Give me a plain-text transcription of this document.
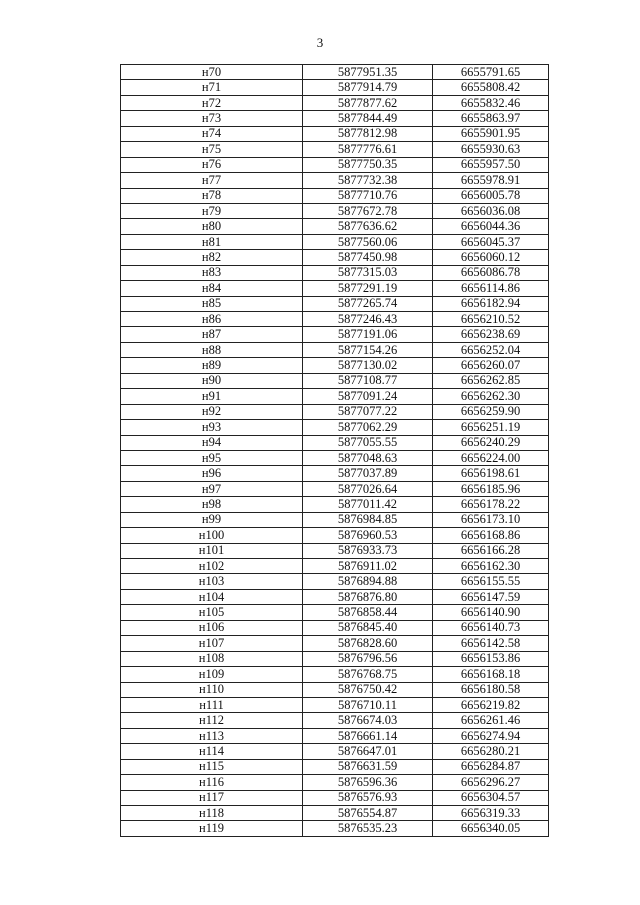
3
н70	5877951.35	6655791.65
н71	5877914.79	6655808.42
н72	5877877.62	6655832.46
н73	5877844.49	6655863.97
н74	5877812.98	6655901.95
н75	5877776.61	6655930.63
н76	5877750.35	6655957.50
н77	5877732.38	6655978.91
н78	5877710.76	6656005.78
н79	5877672.78	6656036.08
н80	5877636.62	6656044.36
н81	5877560.06	6656045.37
н82	5877450.98	6656060.12
н83	5877315.03	6656086.78
н84	5877291.19	6656114.86
н85	5877265.74	6656182.94
н86	5877246.43	6656210.52
н87	5877191.06	6656238.69
н88	5877154.26	6656252.04
н89	5877130.02	6656260.07
н90	5877108.77	6656262.85
н91	5877091.24	6656262.30
н92	5877077.22	6656259.90
н93	5877062.29	6656251.19
н94	5877055.55	6656240.29
н95	5877048.63	6656224.00
н96	5877037.89	6656198.61
н97	5877026.64	6656185.96
н98	5877011.42	6656178.22
н99	5876984.85	6656173.10
н100	5876960.53	6656168.86
н101	5876933.73	6656166.28
н102	5876911.02	6656162.30
н103	5876894.88	6656155.55
н104	5876876.80	6656147.59
н105	5876858.44	6656140.90
н106	5876845.40	6656140.73
н107	5876828.60	6656142.58
н108	5876796.56	6656153.86
н109	5876768.75	6656168.18
н110	5876750.42	6656180.58
н111	5876710.11	6656219.82
н112	5876674.03	6656261.46
н113	5876661.14	6656274.94
н114	5876647.01	6656280.21
н115	5876631.59	6656284.87
н116	5876596.36	6656296.27
н117	5876576.93	6656304.57
н118	5876554.87	6656319.33
н119	5876535.23	6656340.05
